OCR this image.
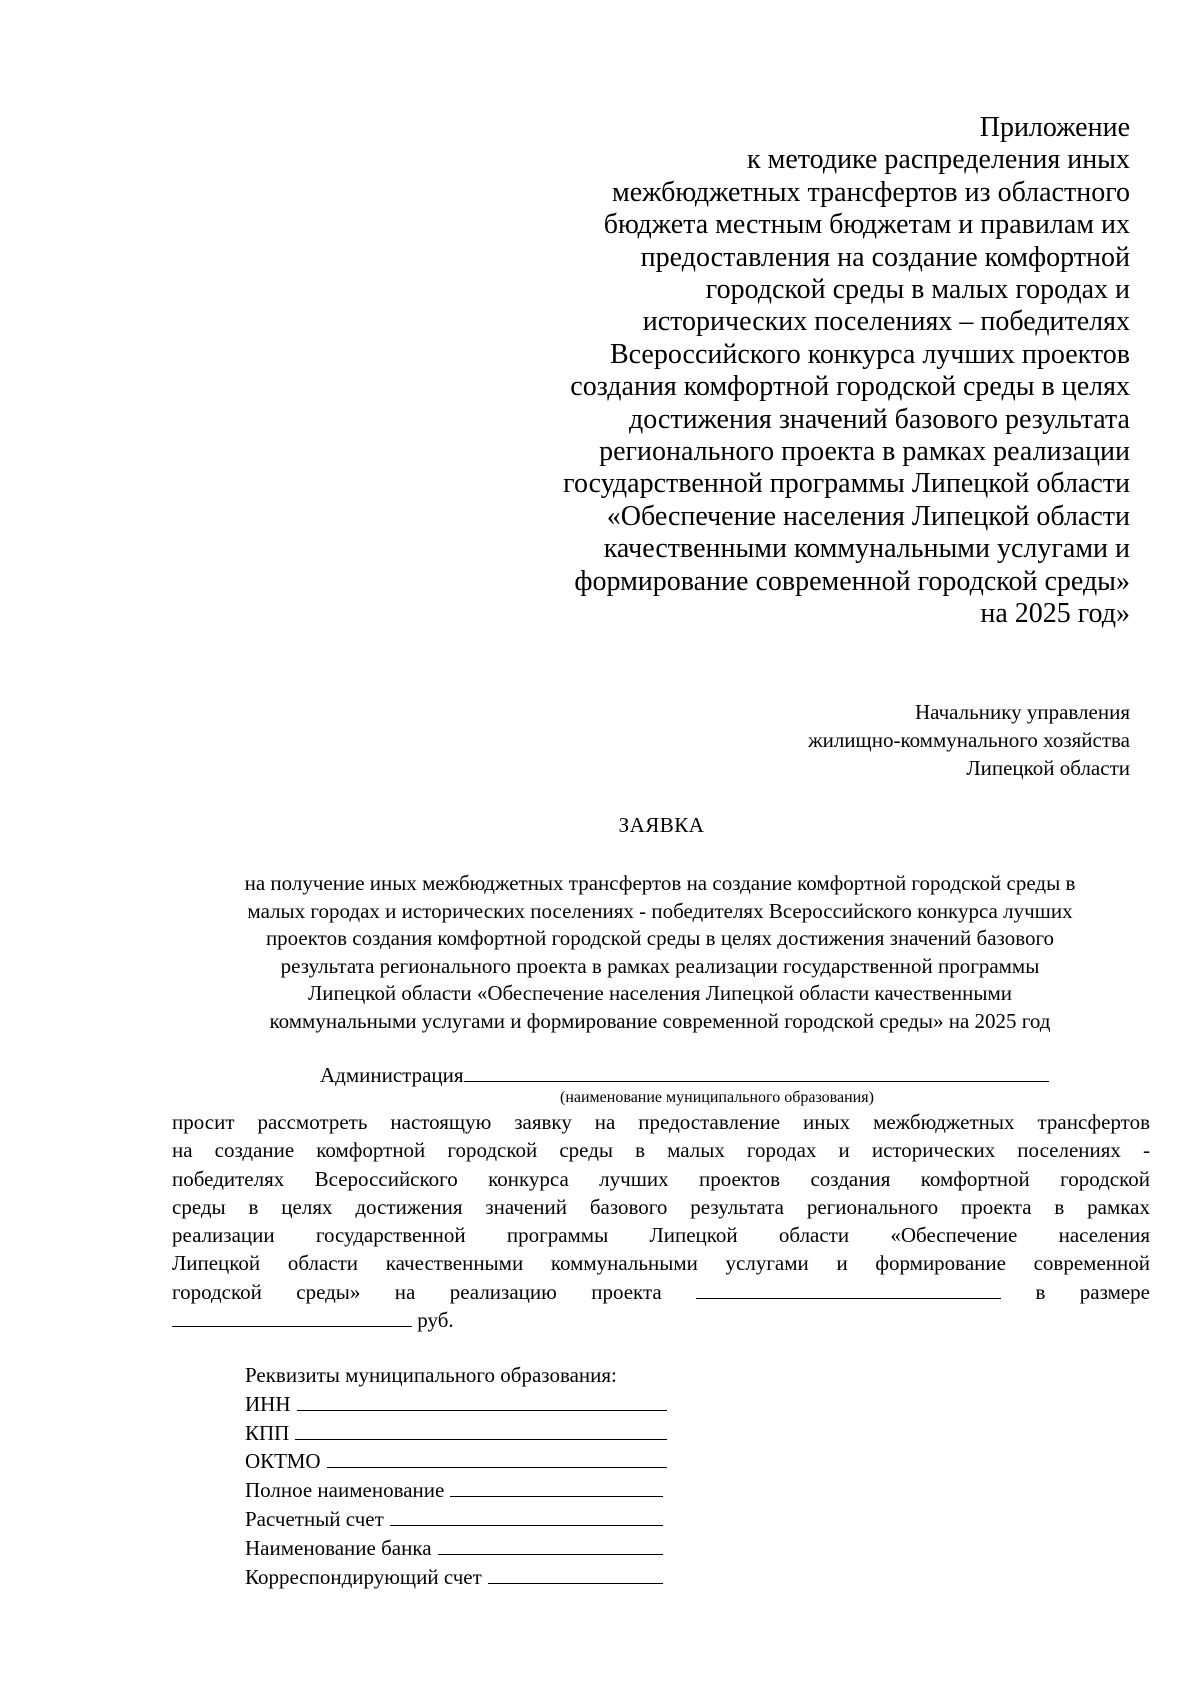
Приложение
к методике распределения иных
межбюджетных трансфертов из областного
бюджета местным бюджетам и правилам их
предоставления на создание комфортной
городской среды в малых городах и
исторических поселениях – победителях
Всероссийского конкурса лучших проектов
создания комфортной городской среды в целях
достижения значений базового результата
регионального проекта в рамках реализации
государственной программы Липецкой области
«Обеспечение населения Липецкой области
качественными коммунальными услугами и
формирование современной городской среды»
на 2025 год»
Начальнику управления
жилищно-коммунального хозяйства
Липецкой области
ЗАЯВКА
на получение иных межбюджетных трансфертов на создание комфортной городской среды в
малых городах и исторических поселениях - победителях Всероссийского конкурса лучших
проектов создания комфортной городской среды в целях достижения значений базового
результата регионального проекта в рамках реализации государственной программы
Липецкой области «Обеспечение населения Липецкой области качественными
коммунальными услугами и формирование современной городской среды» на 2025 год
Администрация
(наименование муниципального образования)
просит рассмотреть настоящую заявку на предоставление иных межбюджетных трансфертов
на создание комфортной городской среды в малых городах и исторических поселениях -
победителях Всероссийского конкурса лучших проектов создания комфортной городской
среды в целях достижения значений базового результата регионального проекта в рамках
реализации государственной программы Липецкой области «Обеспечение населения
Липецкой области качественными коммунальными услугами и формирование современной
городской среды» на реализацию проекта	в размере
руб.
Реквизиты муниципального образования:
ИНН
КПП
ОКТМО
Полное наименование
Расчетный счет
Наименование банка
Корреспондирующий счет
